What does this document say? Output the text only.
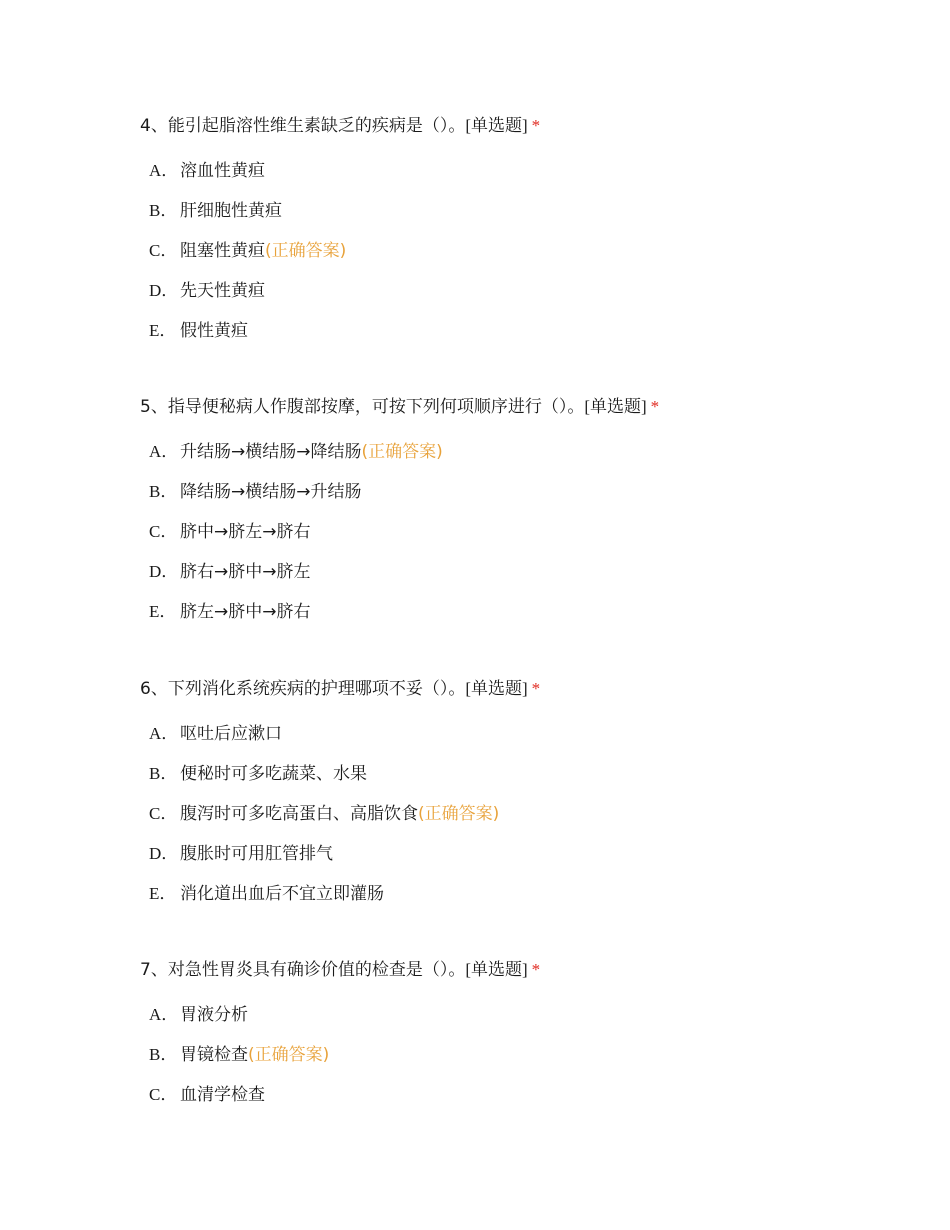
4、能引起脂溶性维生素缺乏的疾病是（）。[单选题] *
A． 溶血性黄疸
B． 肝细胞性黄疸
C． 阻塞性黄疸(正确答案)
D． 先天性黄疸
E． 假性黄疸
5、指导便秘病人作腹部按摩，可按下列何项顺序进行（）。[单选题] *
A． 升结肠→横结肠→降结肠(正确答案)
B． 降结肠→横结肠→升结肠
C． 脐中→脐左→脐右
D． 脐右→脐中→脐左
E． 脐左→脐中→脐右
6、下列消化系统疾病的护理哪项不妥（）。[单选题] *
A． 呕吐后应漱口
B． 便秘时可多吃蔬菜、水果
C． 腹泻时可多吃高蛋白、高脂饮食(正确答案)
D． 腹胀时可用肛管排气
E． 消化道出血后不宜立即灌肠
7、对急性胃炎具有确诊价值的检查是（）。[单选题] *
A． 胃液分析
B． 胃镜检查(正确答案)
C． 血清学检查
